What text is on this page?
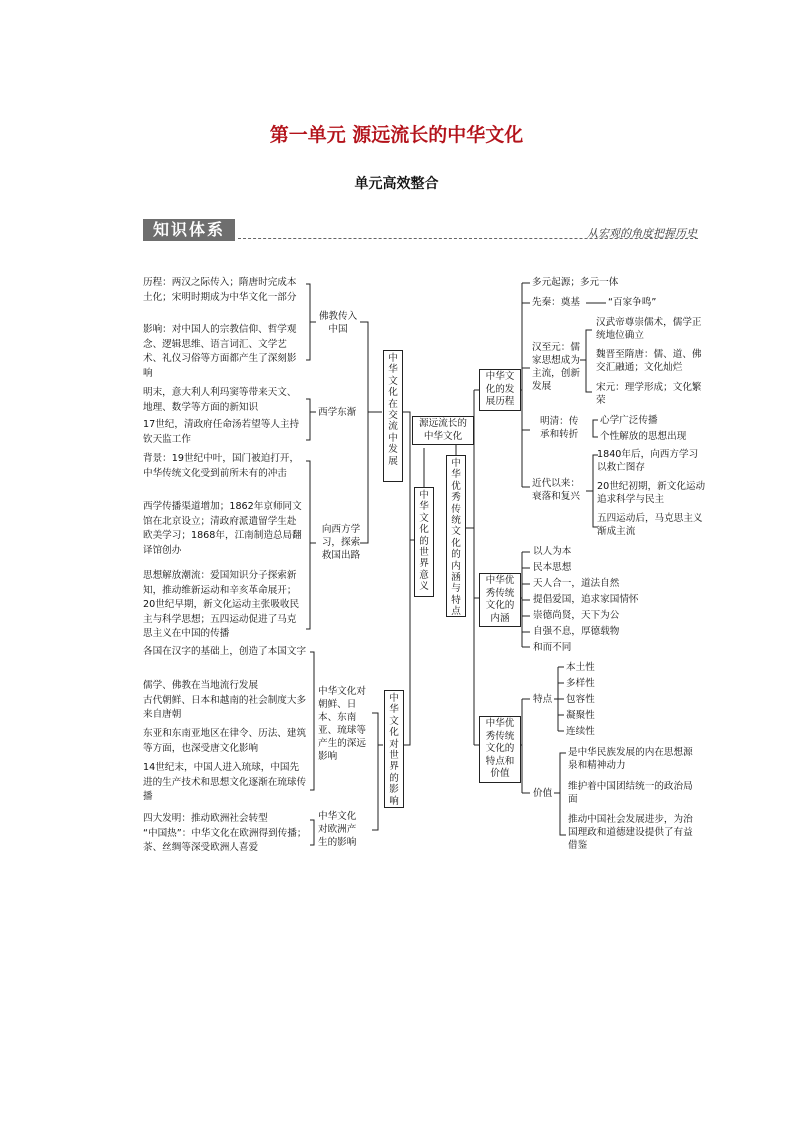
第一单元 源远流长的中华文化
单元高效整合
知识体系	从宏观的角度把握历史
历程：两汉之际传入；隋唐时完成本土化；宋明时期成为中华文化一部分
影响：对中国人的宗教信仰、哲学观念、逻辑思维、语言词汇、文学艺术、礼仪习俗等方面都产生了深刻影响
佛教传入中国
明末，意大利人利玛窦等带来天文、地理、数学等方面的新知识
17世纪，清政府任命汤若望等人主持钦天监工作
西学东渐
背景：19世纪中叶，国门被迫打开，中华传统文化受到前所未有的冲击
西学传播渠道增加；1862年京师同文馆在北京设立；清政府派遣留学生赴欧美学习；1868年，江南制造总局翻译馆创办
思想解放潮流：爱国知识分子探索新知，推动维新运动和辛亥革命展开；20世纪早期，新文化运动主张吸收民主与科学思想；五四运动促进了马克思主义在中国的传播
向西方学习，探索救国出路
中华文化在交流中发展
各国在汉字的基础上，创造了本国文字
儒学、佛教在当地流行发展
古代朝鲜、日本和越南的社会制度大多来自唐朝
东亚和东南亚地区在律令、历法、建筑等方面，也深受唐文化影响
14世纪末，中国人进入琉球，中国先进的生产技术和思想文化逐渐在琉球传播
中华文化对朝鲜、日本、东南亚、琉球等产生的深远影响
四大发明：推动欧洲社会转型
“中国热”：中华文化在欧洲得到传播；茶、丝绸等深受欧洲人喜爱
中华文化对欧洲产生的影响
中华文化对世界的影响
中华文化的世界意义
源远流长的中华文化
中华优秀传统文化的内涵与特点
中华文化的发展历程
多元起源；多元一体
先秦：奠基	“百家争鸣”
汉至元：儒家思想成为主流，创新发展
汉武帝尊崇儒术，儒学正统地位确立
魏晋至隋唐：儒、道、佛交汇融通；文化灿烂
宋元：理学形成；文化繁荣
明清：传承和转折
心学广泛传播
个性解放的思想出现
近代以来：衰落和复兴
1840年后，向西方学习以救亡图存
20世纪初期，新文化运动追求科学与民主
五四运动后，马克思主义渐成主流
中华优秀传统文化的内涵
以人为本
民本思想
天人合一，道法自然
提倡爱国，追求家国情怀
崇德尚贤，天下为公
自强不息，厚德载物
和而不同
中华优秀传统文化的特点和价值
特点
本土性
多样性
包容性
凝聚性
连续性
价值
是中华民族发展的内在思想源泉和精神动力
维护着中国团结统一的政治局面
推动中国社会发展进步，为治国理政和道德建设提供了有益借鉴
